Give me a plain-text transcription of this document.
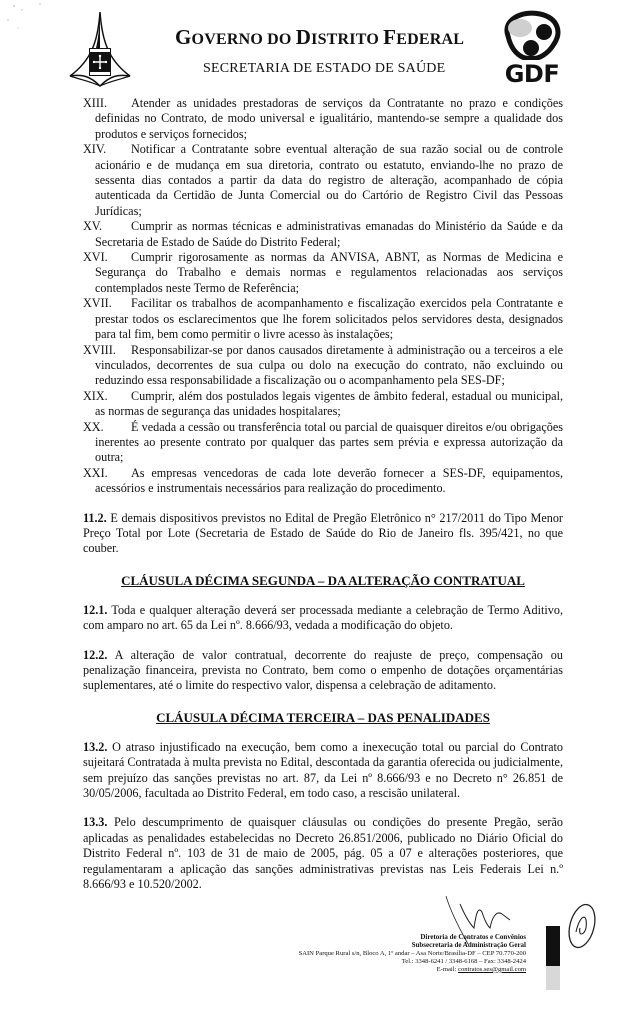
GOVERNO DO DISTRITO FEDERAL
SECRETARIA DE ESTADO DE SAÚDE	GDF
XIII.	Atender as unidades prestadoras de serviços da Contratante no prazo e condições definidas no Contrato, de modo universal e igualitário, mantendo-se sempre a qualidade dos produtos e serviços fornecidos;
XIV.	Notificar a Contratante sobre eventual alteração de sua razão social ou de controle acionário e de mudança em sua diretoria, contrato ou estatuto, enviando-lhe no prazo de sessenta dias contados a partir da data do registro de alteração, acompanhado de cópia autenticada da Certidão de Junta Comercial ou do Cartório de Registro Civil das Pessoas Jurídicas;
XV.	Cumprir as normas técnicas e administrativas emanadas do Ministério da Saúde e da Secretaria de Estado de Saúde do Distrito Federal;
XVI.	Cumprir rigorosamente as normas da ANVISA, ABNT, as Normas de Medicina e Segurança do Trabalho e demais normas e regulamentos relacionadas aos serviços contemplados neste Termo de Referência;
XVII.	Facilitar os trabalhos de acompanhamento e fiscalização exercidos pela Contratante e prestar todos os esclarecimentos que lhe forem solicitados pelos servidores desta, designados para tal fim, bem como permitir o livre acesso às instalações;
XVIII.	Responsabilizar-se por danos causados diretamente à administração ou a terceiros a ele vinculados, decorrentes de sua culpa ou dolo na execução do contrato, não excluindo ou reduzindo essa responsabilidade a fiscalização ou o acompanhamento pela SES-DF;
XIX.	Cumprir, além dos postulados legais vigentes de âmbito federal, estadual ou municipal, as normas de segurança das unidades hospitalares;
XX.	É vedada a cessão ou transferência total ou parcial de quaisquer direitos e/ou obrigações inerentes ao presente contrato por qualquer das partes sem prévia e expressa autorização da outra;
XXI.	As empresas vencedoras de cada lote deverão fornecer a SES-DF, equipamentos, acessórios e instrumentais necessários para realização do procedimento.
11.2. E demais dispositivos previstos no Edital de Pregão Eletrônico n° 217/2011 do Tipo Menor Preço Total por Lote (Secretaria de Estado de Saúde do Rio de Janeiro fls. 395/421, no que couber.
CLÁUSULA DÉCIMA SEGUNDA – DA ALTERAÇÃO CONTRATUAL
12.1. Toda e qualquer alteração deverá ser processada mediante a celebração de Termo Aditivo, com amparo no art. 65 da Lei nº. 8.666/93, vedada a modificação do objeto.
12.2. A alteração de valor contratual, decorrente do reajuste de preço, compensação ou penalização financeira, prevista no Contrato, bem como o empenho de dotações orçamentárias suplementares, até o limite do respectivo valor, dispensa a celebração de aditamento.
CLÁUSULA DÉCIMA TERCEIRA – DAS PENALIDADES
13.2. O atraso injustificado na execução, bem como a inexecução total ou parcial do Contrato sujeitará Contratada à multa prevista no Edital, descontada da garantia oferecida ou judicialmente, sem prejuízo das sanções previstas no art. 87, da Lei nº 8.666/93 e no Decreto n° 26.851 de 30/05/2006, facultada ao Distrito Federal, em todo caso, a rescisão unilateral.
13.3. Pelo descumprimento de quaisquer cláusulas ou condições do presente Pregão, serão aplicadas as penalidades estabelecidas no Decreto 26.851/2006, publicado no Diário Oficial do Distrito Federal nº. 103 de 31 de maio de 2005, pág. 05 a 07 e alterações posteriores, que regulamentaram a aplicação das sanções administrativas previstas nas Leis Federais Lei n.º 8.666/93 e 10.520/2002.
Diretoria de Contratos e Convênios
Subsecretaria de Administração Geral
SAIN Parque Rural s/n, Bloco A, 1º andar – Asa Norte/Brasília-DF – CEP 70.770-200
Tel.: 3348-6241 / 3348-6168 – Fax: 3348-2424
E-mail: contratos.ses@gmail.com
